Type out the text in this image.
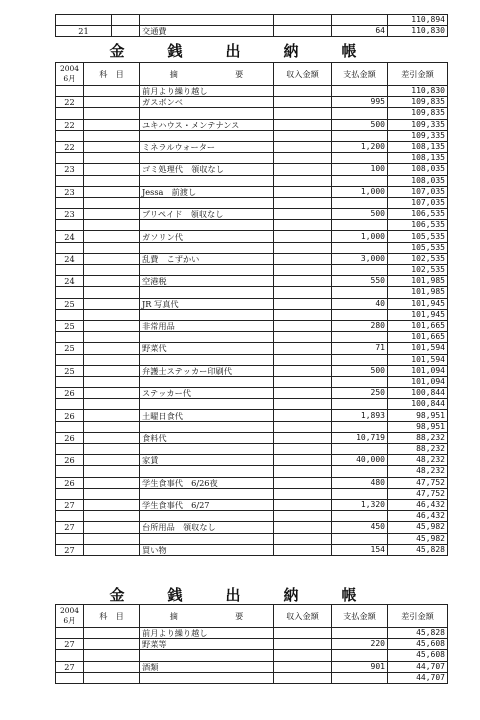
					110,894
21		交通費		64	110,830
金　銭　出　納　帳
2004
6月	科　目	摘　　　　　　　要	収入金額	支払金額	差引金額
		前月より繰り越し			110,830
22		ガスボンベ		995	109,835
					109,835
22		ユキハウス・メンテナンス		500	109,335
					109,335
22		ミネラルウォーター		1,200	108,135
					108,135
23		ゴミ処理代　領収なし		100	108,035
					108,035
23		Jessa　前渡し		1,000	107,035
					107,035
23		プリペイド　領収なし		500	106,535
					106,535
24		ガソリン代		1,000	105,535
					105,535
24		乱費　こずかい		3,000	102,535
					102,535
24		空港税		550	101,985
					101,985
25		JR 写真代		40	101,945
					101,945
25		非常用品		280	101,665
					101,665
25		野菜代		71	101,594
					101,594
25		弁護士ステッカー印刷代		500	101,094
					101,094
26		ステッカー代		250	100,844
					100,844
26		土曜日食代		1,893	98,951
					98,951
26		食料代		10,719	88,232
					88,232
26		家賃		40,000	48,232
					48,232
26		学生食事代　6/26夜		480	47,752
					47,752
27		学生食事代　6/27		1,320	46,432
					46,432
27		台所用品　領収なし		450	45,982
					45,982
27		買い物		154	45,828
金　銭　出　納　帳
2004
6月	科　目	摘　　　　　　　要	収入金額	支払金額	差引金額
		前月より繰り越し			45,828
27		野菜等		220	45,608
					45,608
27		酒類		901	44,707
					44,707
